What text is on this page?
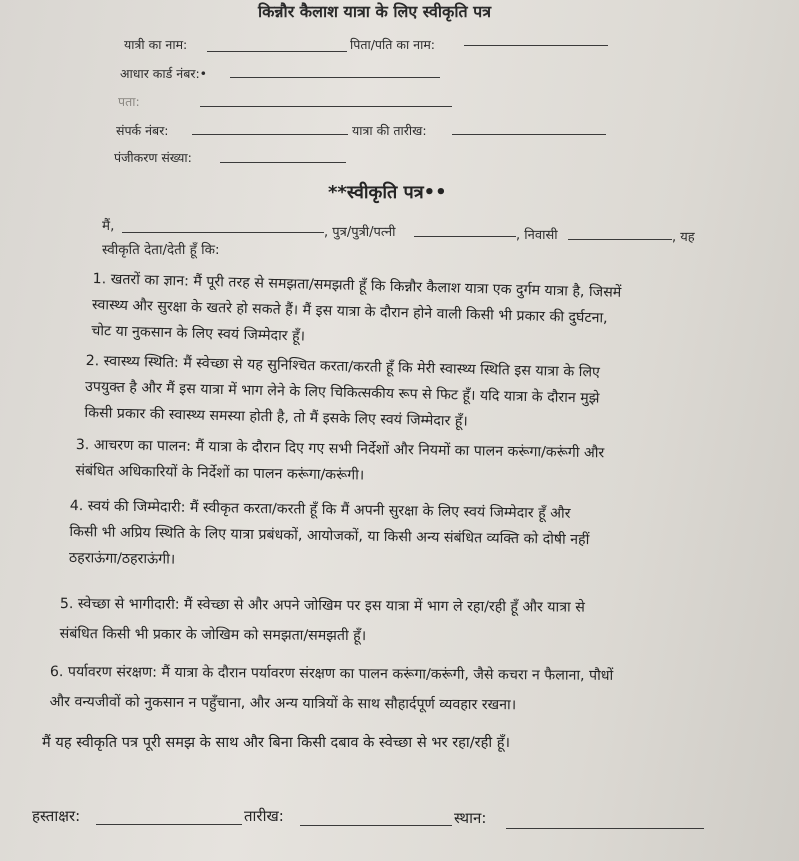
किन्नौर कैलाश यात्रा के लिए स्वीकृति पत्र
यात्री का नाम:	पिता/पति का नाम:
आधार कार्ड नंबर:•
पता:
संपर्क नंबर:	यात्रा की तारीख:
पंजीकरण संख्या:
**स्वीकृति पत्र••
मैं,	, पुत्र/पुत्री/पत्नी	, निवासी	, यह
स्वीकृति देता/देती हूँ कि:
1. खतरों का ज्ञान: मैं पूरी तरह से समझता/समझती हूँ कि किन्नौर कैलाश यात्रा एक दुर्गम यात्रा है, जिसमें
स्वास्थ्य और सुरक्षा के खतरे हो सकते हैं। मैं इस यात्रा के दौरान होने वाली किसी भी प्रकार की दुर्घटना,
चोट या नुकसान के लिए स्वयं जिम्मेदार हूँ।
2. स्वास्थ्य स्थिति: मैं स्वेच्छा से यह सुनिश्चित करता/करती हूँ कि मेरी स्वास्थ्य स्थिति इस यात्रा के लिए
उपयुक्त है और मैं इस यात्रा में भाग लेने के लिए चिकित्सकीय रूप से फिट हूँ। यदि यात्रा के दौरान मुझे
किसी प्रकार की स्वास्थ्य समस्या होती है, तो मैं इसके लिए स्वयं जिम्मेदार हूँ।
3. आचरण का पालन: मैं यात्रा के दौरान दिए गए सभी निर्देशों और नियमों का पालन करूंगा/करूंगी और
संबंधित अधिकारियों के निर्देशों का पालन करूंगा/करूंगी।
4. स्वयं की जिम्मेदारी: मैं स्वीकृत करता/करती हूँ कि मैं अपनी सुरक्षा के लिए स्वयं जिम्मेदार हूँ और
किसी भी अप्रिय स्थिति के लिए यात्रा प्रबंधकों, आयोजकों, या किसी अन्य संबंधित व्यक्ति को दोषी नहीं
ठहराऊंगा/ठहराऊंगी।
5. स्वेच्छा से भागीदारी: मैं स्वेच्छा से और अपने जोखिम पर इस यात्रा में भाग ले रहा/रही हूँ और यात्रा से
संबंधित किसी भी प्रकार के जोखिम को समझता/समझती हूँ।
6. पर्यावरण संरक्षण: मैं यात्रा के दौरान पर्यावरण संरक्षण का पालन करूंगा/करूंगी, जैसे कचरा न फैलाना, पौधों
और वन्यजीवों को नुकसान न पहुँचाना, और अन्य यात्रियों के साथ सौहार्दपूर्ण व्यवहार रखना।
मैं यह स्वीकृति पत्र पूरी समझ के साथ और बिना किसी दबाव के स्वेच्छा से भर रहा/रही हूँ।
हस्ताक्षर:	तारीख:	स्थान:
